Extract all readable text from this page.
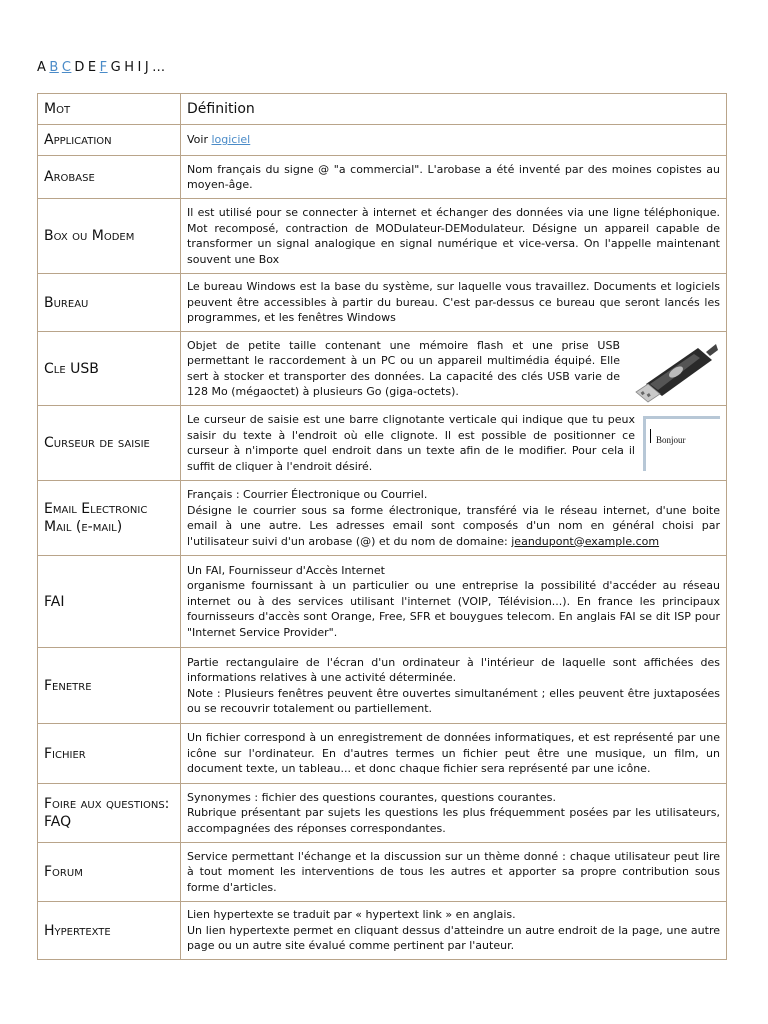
A B C D E F G H I J …
Mot	Définition
Application	Voir logiciel
Arobase	Nom français du signe @ "a commercial". L'arobase a été inventé par des moines copistes au moyen-âge.

Box ou Modem	Il est utilisé pour se connecter à internet et échanger des données via une ligne téléphonique. Mot recomposé, contraction de MODulateur-DEModulateur. Désigne un appareil capable de transformer un signal analogique en signal numérique et vice-versa. On l'appelle maintenant souvent une Box

Bureau	Le bureau Windows est la base du système, sur laquelle vous travaillez. Documents et logiciels peuvent être accessibles à partir du bureau. C'est par-dessus ce bureau que seront lancés les programmes, et les fenêtres Windows

Cle USB	Objet de petite taille contenant une mémoire flash et une prise USB permettant le raccordement à un PC ou un appareil multimédia équipé. Elle sert à stocker et transporter des données. La capacité des clés USB varie de 128 Mo (mégaoctet) à plusieurs Go (giga-octets).

Curseur de saisie	Le curseur de saisie est une barre clignotante verticale qui indique que tu peux saisir du texte à l'endroit où elle clignote. Il est possible de positionner ce curseur à n'importe quel endroit dans un texte afin de le modifier. Pour cela il suffit de cliquer à l'endroit désiré.

Bonjour

Email Electronic Mail (e-mail)	Français : Courrier Électronique ou Courriel.

Désigne le courrier sous sa forme électronique, transféré via le réseau internet, d'une boite email à une autre. Les adresses email sont composés d'un nom en général choisi par l'utilisateur suivi d'un arobase (@) et du nom de domaine: jeandupont@example.com

FAI	Un FAI, Fournisseur d'Accès Internet

organisme fournissant à un particulier ou une entreprise la possibilité d'accéder au réseau internet ou à des services utilisant l'internet (VOIP, Télévision...). En france les principaux fournisseurs d'accès sont Orange, Free, SFR et bouygues telecom. En anglais FAI se dit ISP pour "Internet Service Provider".

Fenetre	Partie rectangulaire de l'écran d'un ordinateur à l'intérieur de laquelle sont affichées des informations relatives à une activité déterminée.

Note : Plusieurs fenêtres peuvent être ouvertes simultanément ; elles peuvent être juxtaposées ou se recouvrir totalement ou partiellement.

Fichier	Un fichier correspond à un enregistrement de données informatiques, et est représenté par une icône sur l'ordinateur. En d'autres termes un fichier peut être une musique, un film, un document texte, un tableau... et donc chaque fichier sera représenté par une icône.

Foire aux questions: FAQ	Synonymes : fichier des questions courantes, questions courantes.

Rubrique présentant par sujets les questions les plus fréquemment posées par les utilisateurs, accompagnées des réponses correspondantes.

Forum	Service permettant l'échange et la discussion sur un thème donné : chaque utilisateur peut lire à tout moment les interventions de tous les autres et apporter sa propre contribution sous forme d'articles.

Hypertexte	Lien hypertexte se traduit par « hypertext link » en anglais.

Un lien hypertexte permet en cliquant dessus d'atteindre un autre endroit de la page, une autre page ou un autre site évalué comme pertinent par l'auteur.
